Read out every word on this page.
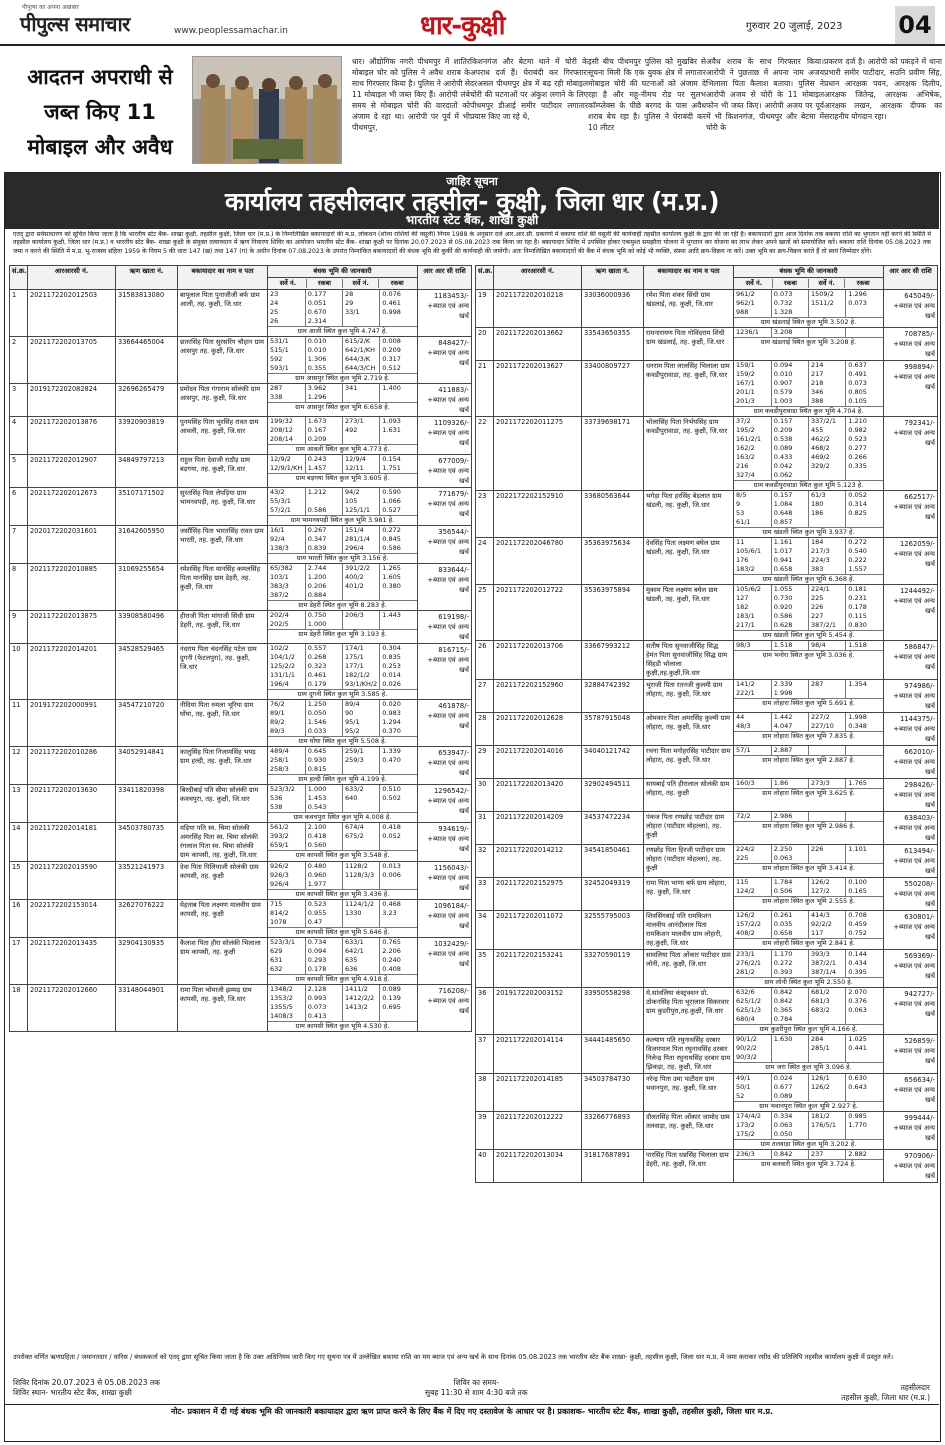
पीपुल्स का अपना अखबार
पीपुल्स समाचार	www.peoplessamachar.in	धार-कुक्षी	गुरुवार 20 जुलाई, 2023 04
आदतन अपराधी से जब्त किए 11 मोबाइल और अवैध
धार। औद्योगिक नगरी पीथमपुर में शातिर मोबाइल चोर को पुलिस ने अवैध शराब के साथ गिरफ्तार किया है। पुलिस ने आरोपी से 11 मोबाइल भी जब्त किए हैं। आरोपी लंबे समय से मोबाइल चोरी की वारदातों को अंजाम दे रहा था। आरोपी पर पूर्व में भी पीथमपुर,
किशनगंज और बेटमा थाने में चोरी के अपराध दर्ज हैं। घेराबंदी कर गिरफ्तारः दरअसल पीथमपुर क्षेत्र में बढ़ रही मोबाइल चोरी की घटनाओं पर अंकुश लगाने के लिए पीथमपुर डीआई समीर पाटीदार लगातार प्रयास किए जा रहे थे,
इसी बीच पीथमपुर पुलिस को मुखबिर से सूचना मिली कि एक युवक क्षेत्र में लगातार मोबाइल चोरी की घटनाओं को अंजाम दे रहा है और महू-नीमच रोड पर सुलभ कॉम्प्लेक्स के पीछे बरगद के पास अवैध शराब बेच रहा है। पुलिस ने घेराबंदी कर 10 लीटर
अवैध शराब के साथ गिरफ्तार किया। आरोपी ने पुछताछ में अपना नाम अजय भिलाला पिता कैलाश बताया। पुलिस ने आरोपी अजय से चोरी के 11 मोबाइल फोन भी जब्त किए। आरोपी अजय पर पूर्व में भी किशनगंज, पीथमपुर और बेटमा में चोरी के
प्रकरण दर्ज है। आरोपी को पकड़ने में थाना प्रभारी समीर पाटीदार, सउनि प्रवीण सिंह, प्रधान आरक्षक पवन, आरक्षक दिलीप, आरक्षक जितेन्द्र, आरक्षक अभिषेक, आरक्षक लखन, आरक्षक दीपक का सराहनीय योगदान रहा।
जाहिर सूचना
कार्यालय तहसीलदार तहसील- कुक्षी, जिला धार (म.प्र.)
भारतीय स्टेट बैंक, शाखा कुक्षी
एतद् द्वारा सर्वसाधारण को सूचित किया जाता है कि भारतीय स्टेट बैंक- शाखा कुक्षी, तहसील कुक्षी, जिला धार (म.प्र.) के निम्नलिखित बकायादारों की म.प्र. लोकधन (शोध्य राशियों की वसूली) नियम 1988 के अनुसार दर्ज आर.आर.सी. प्रकरणों में बकाया राशि की वसूली की कार्यवाही तहसील कार्यालय कुक्षी के द्वारा की जा रही है। बकायादारों द्वारा आज दिनांक तक बकाया राशि का भुगतान नहीं करने की स्थिति में तहसील कार्यालय कुक्षी, जिला धार (म.प्र.) व भारतीय स्टेट बैंक- शाखा कुक्षी के संयुक्त तत्वावधान में ऋण निवारण शिविर का आयोजन भारतीय स्टेट बैंक- शाखा कुक्षी पर दिनांक 20.07.2023 से 05.08.2023 तक किया जा रहा है। बकायादार शिविर में उपस्थित होकर एकमुश्त समझौता योजना में भुगतान कर योजना का लाभ लेकर अपने खातों को समायोजित करें। बकाया राशि दिनांक 05.08.2023 तक जमा न करने की स्थिति में म.प्र. भू-राजस्व संहिता 1959 के नियम 5 की धारा 147 (ख) तथा 147 (ग) के अधीन दिनांक 07.08.2023 के उपरांत निम्नांकित बकायादारों की बंधक भूमि की कुर्की की कार्यवाही की जावेगी। अतः निम्नलिखित बकायादारों की बैंक में बंधक भूमि को कोई भी व्यक्ति, संस्था आदि क्रय-विक्रय ना करें। उक्त भूमि का क्रय-विक्रय करते हैं तो स्वयं जिम्मेदार होंगे।
सं.क्र.	आरआरसी नं.	ऋण खाता नं.	बकायादार का नाम व पता	बंधक भूमि की जानकारी	आर आर सी राशि

सर्वे नं.	रकबा	सर्वे नं.	रकबा

1	2021172202012503	31583813080	बापूलाल पिता पुनाजीजी बर्फ ग्राम आली, तह. कुक्षी, जि.धार	
23	0.177	28	0.076
24	0.051	29	0.461
25	0.670	33/1	0.998
26	2.314		
ग्राम आली स्थित कुल भूमि 4.747 हे.
	1183453/- +ब्याज एवं अन्य खर्च
2	2021172202013705	33664465004	छतरसिंह पिता सुरसरिंग चौहान ग्राम आसपुर तह. कुक्षी, जि.धार	
531/1	0.010	615/2/K	0.008
515/1	0.010	642/1/KH	0.209
592	1.306	644/3/K	0.317
593/1	0.355	644/3/CH	0.512
ग्राम आसपुर स्थित कुल भूमि 2.719 हे.
	848427/- +ब्याज एवं अन्य खर्च
3	2019172202082824	32696265479	प्रमोदव पिता गंगाराम सोलंकी ग्राम आसपुर, तह. कुक्षी, जि.धार	
287	3.962	341	1.400
338	1.296		
ग्राम आसपुर स्थित कुल भूमि 6.658 हे.
	411883/- +ब्याज एवं अन्य खर्च
4	2021172202013876	33920903819	पुनमसिंह पिता भुरसिंह रावत ग्राम आवली, तह. कुक्षी, जि.धार	
199/32	1.673	273/1	1.093
208/12	0.167	492	1.631
208/14	0.209		
ग्राम आवली स्थित कुल भूमि 4.773 हे.
	1109326/- +ब्याज एवं अन्य खर्च
5	2021172202012907	34849797213	राहुल पिता देवाजी राठौड़ ग्राम बड़गया, तह. कुक्षी, जि.धार	
12/9/2	0.243	12/9/4	0.154
12/9/1/KH	1.457	12/11	1.751
ग्राम बड़गया स्थित कुल भूमि 3.605 हे.
	677009/- +ब्याज एवं अन्य खर्च
6	2021172202012673	35107171502	सुरतसिंह पिता लेपड़िया ग्राम भामनवपड़ी, तह. कुक्षी, जि.धार	
43/2	1.212	94/2	0.590
55/3/1		105	1.066
57/2/1	0.586	125/1/1	0.527
ग्राम भामनवपड़ी स्थित कुल भूमि 3.981 हे.
	771679/- +ब्याज एवं अन्य खर्च
7	2020172202031601	31642605950	जसौंसिंह पिता भारतसिंह रावत ग्राम भारती, तह. कुक्षी, जि.धार	
16/1	0.267	151/4	0.272
92/4	0.347	281/1/4	0.845
138/3	0.839	296/4	0.586
ग्राम भारती स्थित कुल भूमि 3.156 हे.
	356544/- +ब्याज एवं अन्य खर्च
8	2021172202010885	31069255654	रमेशसिंह पिता मानसिंह कमलसिंह पिता मानसिंह ग्राम डेहरी, तह. कुक्षी, जि.धार	
65/382	2.744	391/2/2	1.265
103/1	1.200	400/2	1.605
383/3	0.206	401/2	0.380
387/2	0.884		
ग्राम डेहरी स्थित कुल भूमि 8.283 हे.
	833644/- +ब्याज एवं अन्य खर्च
9	2021172202013875	33908580496	हीराजी पिता मांगाजी सिंधी ग्राम डेहरी, तह. कुक्षी, जि.धार	
202/4	0.750	206/3	1.443
202/5	1.000		
ग्राम डेहरी स्थित कुल भूमि 3.193 हे.
	619198/- +ब्याज एवं अन्य खर्च
10	2021172202014201	34528529465	नंदराम पिता चंदनसिंह पटेल ग्राम दुगनी (फेटलपुरा), तह. कुक्षी, जि.धार	
102/2	0.557	174/1	0.304
104/1/2	0.268	175/1	0.835
125/2/2	0.323	177/1	0.253
131/1/1	0.461	182/1/2	0.014
196/4	0.179	93/1/KH/2	0.026
ग्राम दुगनी स्थित कुल भूमि 3.585 हे.
	816715/- +ब्याज एवं अन्य खर्च
11	2019172202000991	34547210720	नीदिया पिता रुमला भूरिया ग्राम घोंघा, तह. कुक्षी, जि.धार	
76/2	1.250	89/4	0.020
89/1	0.050	90	0.983
89/2	1.546	95/1	1.294
89/3	0.033	95/2	0.370
ग्राम घोंघा स्थित कुल भूमि 5.508 हे.
	461878/- +ब्याज एवं अन्य खर्च
12	2021172202010286	34052914841	कालुसिंह पिता निजामसिंह भयड़ ग्राम हल्दी, तह. कुक्षी, जि.धार	
489/4	0.645	259/1	1.339
258/1	0.930	259/3	0.470
258/3	0.815		
ग्राम हल्दी स्थित कुल भूमि 4.199 हे.
	653947/- +ब्याज एवं अन्य खर्च
13	2021172202013630	33411820398	बिरदीबाई पति सीमा सोलंकी ग्राम कवचपुरा, तह. कुक्षी, जि.धार	
523/3/2	1.000	633/2	0.510
536	1.453	640	0.502
538	0.543		
ग्राम कवचपुरा स्थित कुल भूमि 4.008 हे.
	1296542/- +ब्याज एवं अन्य खर्च
14	2021172202014181	34503780735	मड़िया पति स्व. चिमा सोलंकी अमरसिंह पिता स्व. चिमा सोलंकी रंगलाल पिता स्व. चिमा सोलंकी ग्राम कापसी, तह. कुक्षी, जि.धार	
561/2	2.100	674/4	0.418
393/2	0.418	675/2	0.052
659/1	0.560		
ग्राम कापसी स्थित कुल भूमि 3.548 हे.
	934619/- +ब्याज एवं अन्य खर्च
15	2021172202013590	33521241973	देवा पिता पिलियाजी सोलंकी ग्राम कापसी, तह. कुक्षी	
926/2	0.480	1128/2	0.013
926/3	0.960	1128/3/3	0.006
926/4	1.977		
ग्राम कापसी स्थित कुल भूमि 3.436 हे.
	1156043/- +ब्याज एवं अन्य खर्च
16	2022172202153014	32627076222	मेहताब पिता लक्ष्मण मालवीय ग्राम कापसी, तह. कुक्षी	
715	0.523	1124/1/2	0.468
814/2	0.955	1330	3.23
1078	0.47		
ग्राम कापसी स्थित कुल भूमि 5.646 हे.
	1096184/- +ब्याज एवं अन्य खर्च
17	2021172202013435	32904130935	कैलाश पिता हीरा सोलंकी भिलाला ग्राम कापसी, तह. कुक्षी	
523/3/1	0.734	633/1	0.765
629	0.094	642/1	2.206
631	0.293	635	0.240
632	0.178	636	0.408
ग्राम कापसी स्थित कुल भूमि 4.918 हे.
	1032429/- +ब्याज एवं अन्य खर्च
18	2021172202012660	33148044901	रामा पिता भोमाजी झम्मड़ ग्राम कापसी, तह. कुक्षी, जि.धार	
1348/2	2.128	1411/2	0.089
1353/2	0.993	1412/2/2	0.139
1355/5	0.073	1413/2	0.695
1408/3	0.413		
ग्राम कापसी स्थित कुल भूमि 4.530 हे.
	716208/- +ब्याज एवं अन्य खर्च
सं.क्र.	आरआरसी नं.	ऋण खाता नं.	बकायादार का नाम व पता	बंधक भूमि की जानकारी	आर आर सी राशि

सर्वे नं.	रकबा	सर्वे नं.	रकबा

19	2021172202010218	33036000936	रमेश पिता शंकर सिंधी ग्राम खंडलाई, तह. कुक्षी, जि.धार	
961/2	0.073	1509/2	1.296
962/1	0.732	1511/2	0.073
988	1.328		
ग्राम खंडलाई स्थित कुल भूमि 3.502 हे.
	645049/- +ब्याज एवं अन्य खर्च
20	2021172202013662	33543650355	रामनारायण पिता गोविंदराम शिंधी ग्राम खंडलाई, तह. कुक्षी, जि.धार	
1236/1	3.208		
ग्राम खंडलाई स्थित कुल भूमि 3.208 हे.
	708785/- +ब्याज एवं अन्य खर्च
21	2021172202013627	33400809727	धनराम पिता लालसिंह भिलाला ग्राम कवडीपुरावाडा, तह. कुक्षी, जि.धार	
159/1	0.094	214	0.637
159/2	0.010	217	0.491
167/1	0.907	218	0.073
201/1	0.579	346	0.805
201/3	1.003	388	0.105
ग्राम कवडीपुरावाडा स्थित कुल भूमि 4.704 हे.
	998894/- +ब्याज एवं अन्य खर्च
22	2021172202011275	33739698171	भोलासिंह पिता निर्भयसिंह ग्राम कवडीपुरावाडा, तह. कुक्षी, जि.धार	
37/2	0.157	337/2/1	1.210
195/2	0.209	455	0.982
161/2/1	0.538	462/2	0.523
162/2	0.089	468/2	0.277
163/2	0.433	469/2	0.266
216	0.042	329/2	0.335
327/4	0.062		
ग्राम कवडीपुरावाडा स्थित कुल भूमि 5.123 हे.
	792341/- +ब्याज एवं अन्य खर्च
23	2022172202152910	33680563644	भगेड़ा पिता हरसिंह बेड़लात ग्राम खंडली, तह. कुक्षी, जि.धार	
8/5	0.157	61/3	0.052
9	1.084	180	0.314
53	0.648	186	0.825
61/1	0.857		
ग्राम खंडली स्थित कुल भूमि 3.937 हे.
	662517/- +ब्याज एवं अन्य खर्च
24	2021172202046780	35363975634	देवसिंह पिता लक्ष्मण बघेल ग्राम खंडली, तह. कुक्षी, जि.धार	
11	1.161	184	0.272
105/6/1	1.017	217/3	0.540
176	0.941	224/3	0.222
183/2	0.658	383	1.557
ग्राम खंडली स्थित कुल भूमि 6.368 हे.
	1262059/- +ब्याज एवं अन्य खर्च
25	2021172202012722	35363975894	मुकाम पिता लक्ष्मण बघेल ग्राम खंडली, तह. कुक्षी, जि.धार	
105/6/2	1.055	224/1	0.181
127	0.730	225	0.231
182	0.920	226	0.178
183/1	0.586	227	0.115
217/1	0.628	387/2/1	0.830
ग्राम खंडली स्थित कुल भूमि 5.454 हे.
	1244492/- +ब्याज एवं अन्य खर्च
26	2021172202013706	33667993212	सतीष पिता सुनवाजीसिंह सिद्ध हेमंत पिता सुनवाजीसिंह सिद्ध ग्राम सिंहडी भोलाला कुक्षी,तह.कुक्षी,जि.धार	
98/3	1.518	98/4	1.518
ग्राम भनोरा स्थित कुल भूमि 3.036 हे.
	586847/- +ब्याज एवं अन्य खर्च
27	2021172202152960	32884742392	भूराजी पिता रतनजी कुलमी ग्राम लोहारा, तह. कुक्षी, जि.धार	
141/2	2.339	287	1.354
222/1	1.998		
ग्राम लोहारा स्थित कुल भूमि 5.691 हे.
	974986/- +ब्याज एवं अन्य खर्च
28	2021172202012628	35787915048	ओमकार पिता अमरसिंह कुल्मी ग्राम लोहारा, तह. कुक्षी, जि.धार	
44	1.442	227/2	1.998
48/3	4.047	227/10	0.348
ग्राम लोहारा स्थित कुल भूमि 7.835 हे.
	1144375/- +ब्याज एवं अन्य खर्च
29	2021172202014016	34040121742	रचना पिता मनोहरसिंह पाटीदार ग्राम लोहारा, तह. कुक्षी, जि.धार	
57/1	2.887		
ग्राम लोहारा स्थित कुल भूमि 2.887 हे.
	662010/- +ब्याज एवं अन्य खर्च
30	2021172202013420	32902494511	सायबाई पति हीरालाल सोलंकी ग्राम लोहारा, तह. कुक्षी	
160/3	1.86	273/3	1.765
ग्राम लोहारा स्थित कुल भूमि 3.625 हे.
	298426/- +ब्याज एवं अन्य खर्च
31	2021172202014209	34537472234	पंकज पिता रणछोड़ पाटीदार ग्राम लोहारा (पाटीदार मोहल्ला), तह. कुक्षी	
72/2	2.986		
ग्राम लोहारा स्थित कुल भूमि 2.986 हे.
	638403/- +ब्याज एवं अन्य खर्च
32	2021172202014212	34541850461	रणछोड़ पिता हिरजी पाटीदार ग्राम लोहारा (पाटीदार मोहल्ला), तह. कुक्षी	
224/2	2.250	226	1.101
225	0.063		
ग्राम लोहारा स्थित कुल भूमि 3.414 हे.
	613494/- +ब्याज एवं अन्य खर्च
33	2021172202152975	32452049319	रामा पिता भाणा बर्फ ग्राम लोहारा, तह. कुक्षी, जि.धार	
115	1.784	126/2	0.100
124/2	0.506	127/2	0.165
ग्राम लोहारा स्थित कुल भूमि 2.555 हे.
	550208/- +ब्याज एवं अन्य खर्च
34	2021172202011072	32555795003	शिवसिंगबाई पति रामकिशन मालवीय आनंदीलाल पिता रामकिशन मालवीय ग्राम लोहारी, तह.कुक्षी, जि.धार	
126/2	0.261	414/3	0.708
157/2/2	0.035	92/2/2	0.459
408/2	0.658	117	0.752
ग्राम लोहारी स्थित कुल भूमि 2.841 हे.
	630801/- +ब्याज एवं अन्य खर्च
35	2021172202153241	33270590119	सावलिया पिता ओंकार पाटीदार ग्राम लोनी, तह. कुक्षी, जि.धार	
233/1	1.170	393/3	0.144
276/2/1	0.272	387/2/1	0.434
281/2	0.393	387/1/4	0.395
ग्राम लोनी स्थित कुल भूमि 2.550 हे.
	569369/- +ब्याज एवं अन्य खर्च
36	2019172202003152	33950558298	मे.सांवलिया कंस्ट्रक्शन प्रो. ठोकनसिंह पिता भूरालाल सिकरवार ग्राम कुडरीपुरा,तह.कुक्षी, जि.धार	
632/6	0.842	681/2	2.070
625/1/2	0.842	681/3	0.376
625/1/3	0.365	683/2	0.063
680/4	0.784		
ग्राम कुडरीपुरा स्थित कुल भूमि 4.166 हे.
	942727/- +ब्याज एवं अन्य खर्च
37	2021172202014114	34441485650	कल्याण पति रघुनाथसिंह दरबार विजयपाल पिता रघुनाथसिंह दरबार निलेन्द्र पिता रघुनाथसिंह दरबार ग्राम झिकड़ा, तह. कुक्षी, जि.धार	
90/1/2	1.630	284	1.025
90/2/2		285/1	0.441
90/3/2			
ग्राम जरा स्थित कुल भूमि 3.096 हे.
	526859/- +ब्याज एवं अन्य खर्च
38	2021172202014185	34503784730	नरेन्द्र पिता उमा पाटीदार ग्राम भवानपुरा, तह. कुक्षी, जि.धार	
49/1	0.024	126/1	0.630
50/1	0.677	126/2	0.643
52	0.089		
ग्राम भवानपुरा स्थित कुल भूमि 2.927 हे.
	656634/- +ब्याज एवं अन्य खर्च
39	2021172202012222	33266776893	दौलतसिंह पिता ओंकार जामोद ग्राम तलवाड़ा, तह. कुक्षी, जि.धार	
174/4/2	0.334	181/2	0.985
173/2	0.063	176/5/1	1.770
175/2	0.050		
ग्राम तलवाड़ा स्थित कुल भूमि 3.202 हे.
	999444/- +ब्याज एवं अन्य खर्च
40	2021172202013034	31817687891	पारसिंह पिता धन्नसिंह भिलाला ग्राम डेहरी, तह. कुक्षी, जि.धार	
236/3	0.842	237	2.882
ग्राम बलवारी स्थित कुल भूमि 3.724 हे.
	970906/- +ब्याज एवं अन्य खर्च
उपरोक्त वर्णित ऋणग्रहिता / जमानतदार / वारिस / बंधककर्ता को एतद् द्वारा सूचित किया जाता है कि उक्त अधिनियम जारी किए गए सूचना पत्र में उल्लेखित बकाया राशि का मय ब्याज एवं अन्य खर्च के साथ दिनांक 05.08.2023 तक भारतीय स्टेट बैंक शाखा- कुक्षी, तहसील कुक्षी, जिला धार म.प्र. में जमा कराकर रसीद की प्रतिलिपि तहसील कार्यालय कुक्षी में प्रस्तुत करें।
शिविर दिनांक 20.07.2023 से 05.08.2023 तक
शिविर स्थान- भारतीय स्टेट बैंक, शाखा कुक्षी
शिविर का समय-
सुबह 11:30 से शाम 4:30 बजे तक
तहसीलदार
तहसील कुक्षी, जिला धार (म.प्र.)
नोट- प्रकाशन में दी गई बंधक भूमि की जानकारी बकायादार द्वारा ऋण प्राप्त करने के लिए बैंक में दिए गए दस्तावेज के आधार पर है। प्रकाशक- भारतीय स्टेट बैंक, शाखा कुक्षी, तहसील कुक्षी, जिला धार म.प्र.
